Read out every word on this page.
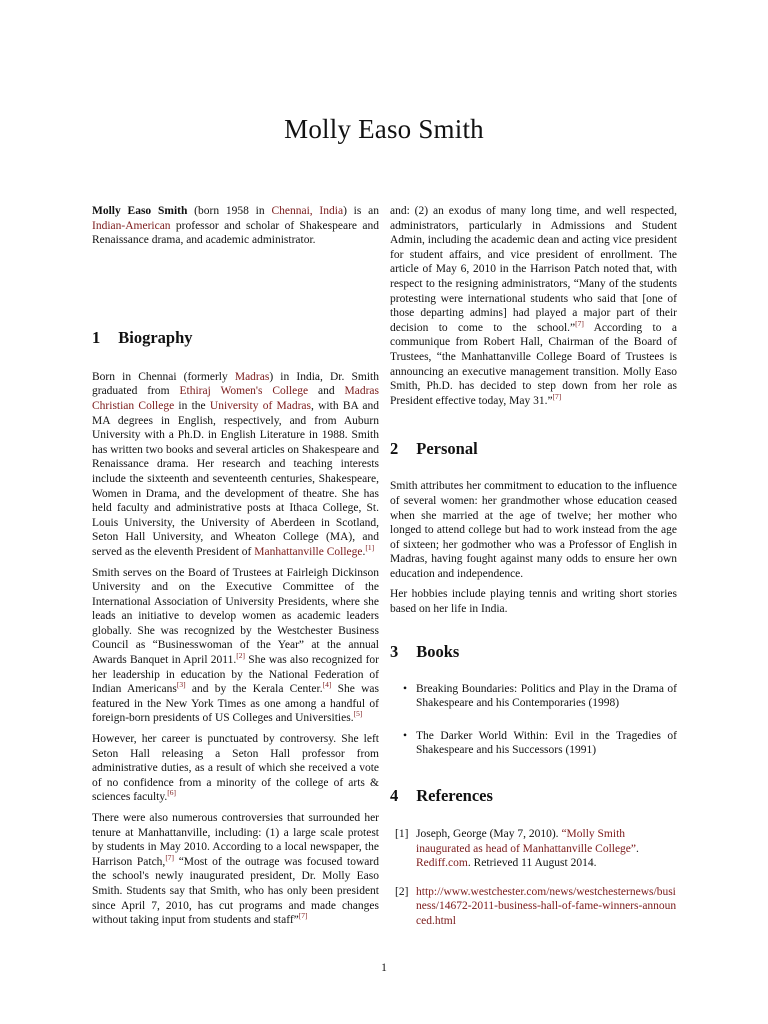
Molly Easo Smith

Molly Easo Smith (born 1958 in Chennai, India) is an Indian-American professor and scholar of Shakespeare and Renaissance drama, and academic administrator.

1 Biography

Born in Chennai (formerly Madras) in India, Dr. Smith graduated from Ethiraj Women's College and Madras Christian College in the University of Madras, with BA and MA degrees in English, respectively, and from Auburn University with a Ph.D. in English Literature in 1988. Smith has written two books and several articles on Shakespeare and Renaissance drama. Her research and teaching interests include the sixteenth and seventeenth centuries, Shakespeare, Women in Drama, and the development of theatre. She has held faculty and administrative posts at Ithaca College, St. Louis University, the University of Aberdeen in Scotland, Seton Hall University, and Wheaton College (MA), and served as the eleventh President of Manhattanville College.[1]

Smith serves on the Board of Trustees at Fairleigh Dickinson University and on the Executive Committee of the International Association of University Presidents, where she leads an initiative to develop women as academic leaders globally. She was recognized by the Westchester Business Council as “Businesswoman of the Year” at the annual Awards Banquet in April 2011.[2] She was also recognized for her leadership in education by the National Federation of Indian Americans[3] and by the Kerala Center.[4] She was featured in the New York Times as one among a handful of foreign-born presidents of US Colleges and Universities.[5]

However, her career is punctuated by controversy. She left Seton Hall releasing a Seton Hall professor from administrative duties, as a result of which she received a vote of no confidence from a minority of the college of arts & sciences faculty.[6]

There were also numerous controversies that surrounded her tenure at Manhattanville, including: (1) a large scale protest by students in May 2010. According to a local newspaper, the Harrison Patch,[7] “Most of the outrage was focused toward the school's newly inaugurated president, Dr. Molly Easo Smith. Students say that Smith, who has only been president since April 7, 2010, has cut programs and made changes without taking input from students and staff”[7]

and: (2) an exodus of many long time, and well respected, administrators, particularly in Admissions and Student Admin, including the academic dean and acting vice president for student affairs, and vice president of enrollment. The article of May 6, 2010 in the Harrison Patch noted that, with respect to the resigning administrators, “Many of the students protesting were international students who said that [one of those departing admins] had played a major part of their decision to come to the school.”[7] According to a communique from Robert Hall, Chairman of the Board of Trustees, “the Manhattanville College Board of Trustees is announcing an executive management transition. Molly Easo Smith, Ph.D. has decided to step down from her role as President effective today, May 31.”[7]

2 Personal

Smith attributes her commitment to education to the influence of several women: her grandmother whose education ceased when she married at the age of twelve; her mother who longed to attend college but had to work instead from the age of sixteen; her godmother who was a Professor of English in Madras, having fought against many odds to ensure her own education and independence.

Her hobbies include playing tennis and writing short stories based on her life in India.

3 Books
• Breaking Boundaries: Politics and Play in the Drama of Shakespeare and his Contemporaries (1998)
• The Darker World Within: Evil in the Tragedies of Shakespeare and his Successors (1991)
4 References
[1] Joseph, George (May 7, 2010). “Molly Smith inaugurated as head of Manhattanville College”. Rediff.com. Retrieved 11 August 2014.
[2] http://www.westchester.com/news/westchesternews/business/14672-2011-business-hall-of-fame-winners-announced.html
1
